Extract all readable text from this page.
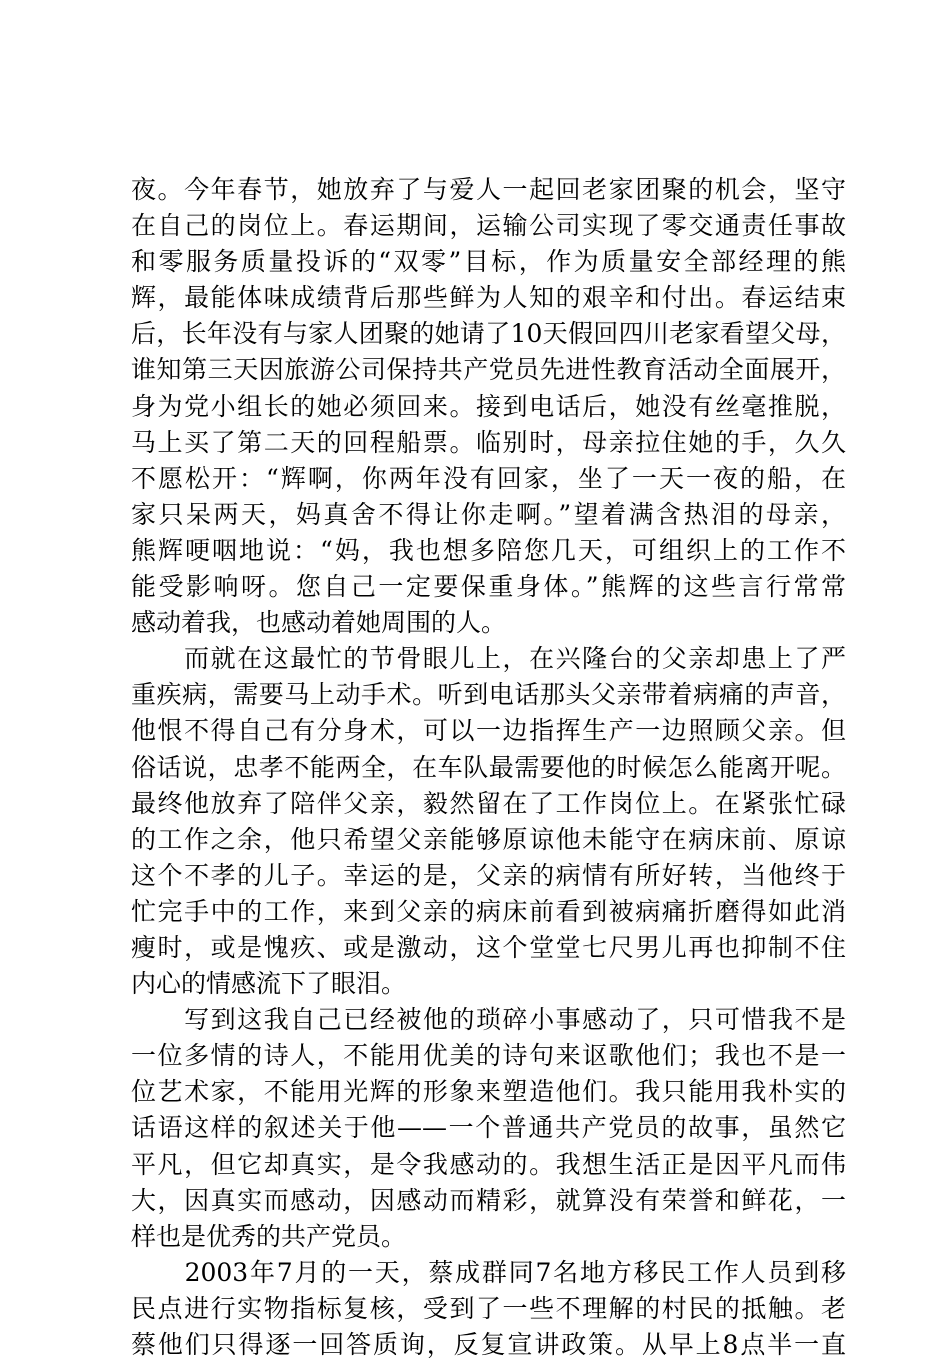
夜。今年春节，她放弃了与爱人一起回老家团聚的机会，坚守
在自己的岗位上。春运期间，运输公司实现了零交通责任事故
和零服务质量投诉的“双零”目标，作为质量安全部经理的熊
辉，最能体味成绩背后那些鲜为人知的艰辛和付出。春运结束
后，长年没有与家人团聚的她请了10天假回四川老家看望父母，
谁知第三天因旅游公司保持共产党员先进性教育活动全面展开，
身为党小组长的她必须回来。接到电话后，她没有丝毫推脱，
马上买了第二天的回程船票。临别时，母亲拉住她的手，久久
不愿松开：“辉啊，你两年没有回家，坐了一天一夜的船，在
家只呆两天，妈真舍不得让你走啊。”望着满含热泪的母亲，
熊辉哽咽地说：“妈，我也想多陪您几天，可组织上的工作不
能受影响呀。您自己一定要保重身体。”熊辉的这些言行常常
感动着我，也感动着她周围的人。
　　而就在这最忙的节骨眼儿上，在兴隆台的父亲却患上了严
重疾病，需要马上动手术。听到电话那头父亲带着病痛的声音，
他恨不得自己有分身术，可以一边指挥生产一边照顾父亲。但
俗话说，忠孝不能两全，在车队最需要他的时候怎么能离开呢。
最终他放弃了陪伴父亲，毅然留在了工作岗位上。在紧张忙碌
的工作之余，他只希望父亲能够原谅他未能守在病床前、原谅
这个不孝的儿子。幸运的是，父亲的病情有所好转，当他终于
忙完手中的工作，来到父亲的病床前看到被病痛折磨得如此消
瘦时，或是愧疚、或是激动，这个堂堂七尺男儿再也抑制不住
内心的情感流下了眼泪。
　　写到这我自己已经被他的琐碎小事感动了，只可惜我不是
一位多情的诗人，不能用优美的诗句来讴歌他们；我也不是一
位艺术家，不能用光辉的形象来塑造他们。我只能用我朴实的
话语这样的叙述关于他——一个普通共产党员的故事，虽然它
平凡，但它却真实，是令我感动的。我想生活正是因平凡而伟
大，因真实而感动，因感动而精彩，就算没有荣誉和鲜花，一
样也是优秀的共产党员。
　　2003年7月的一天，蔡成群同7名地方移民工作人员到移
民点进行实物指标复核，受到了一些不理解的村民的抵触。老
蔡他们只得逐一回答质询，反复宣讲政策。从早上8点半一直
